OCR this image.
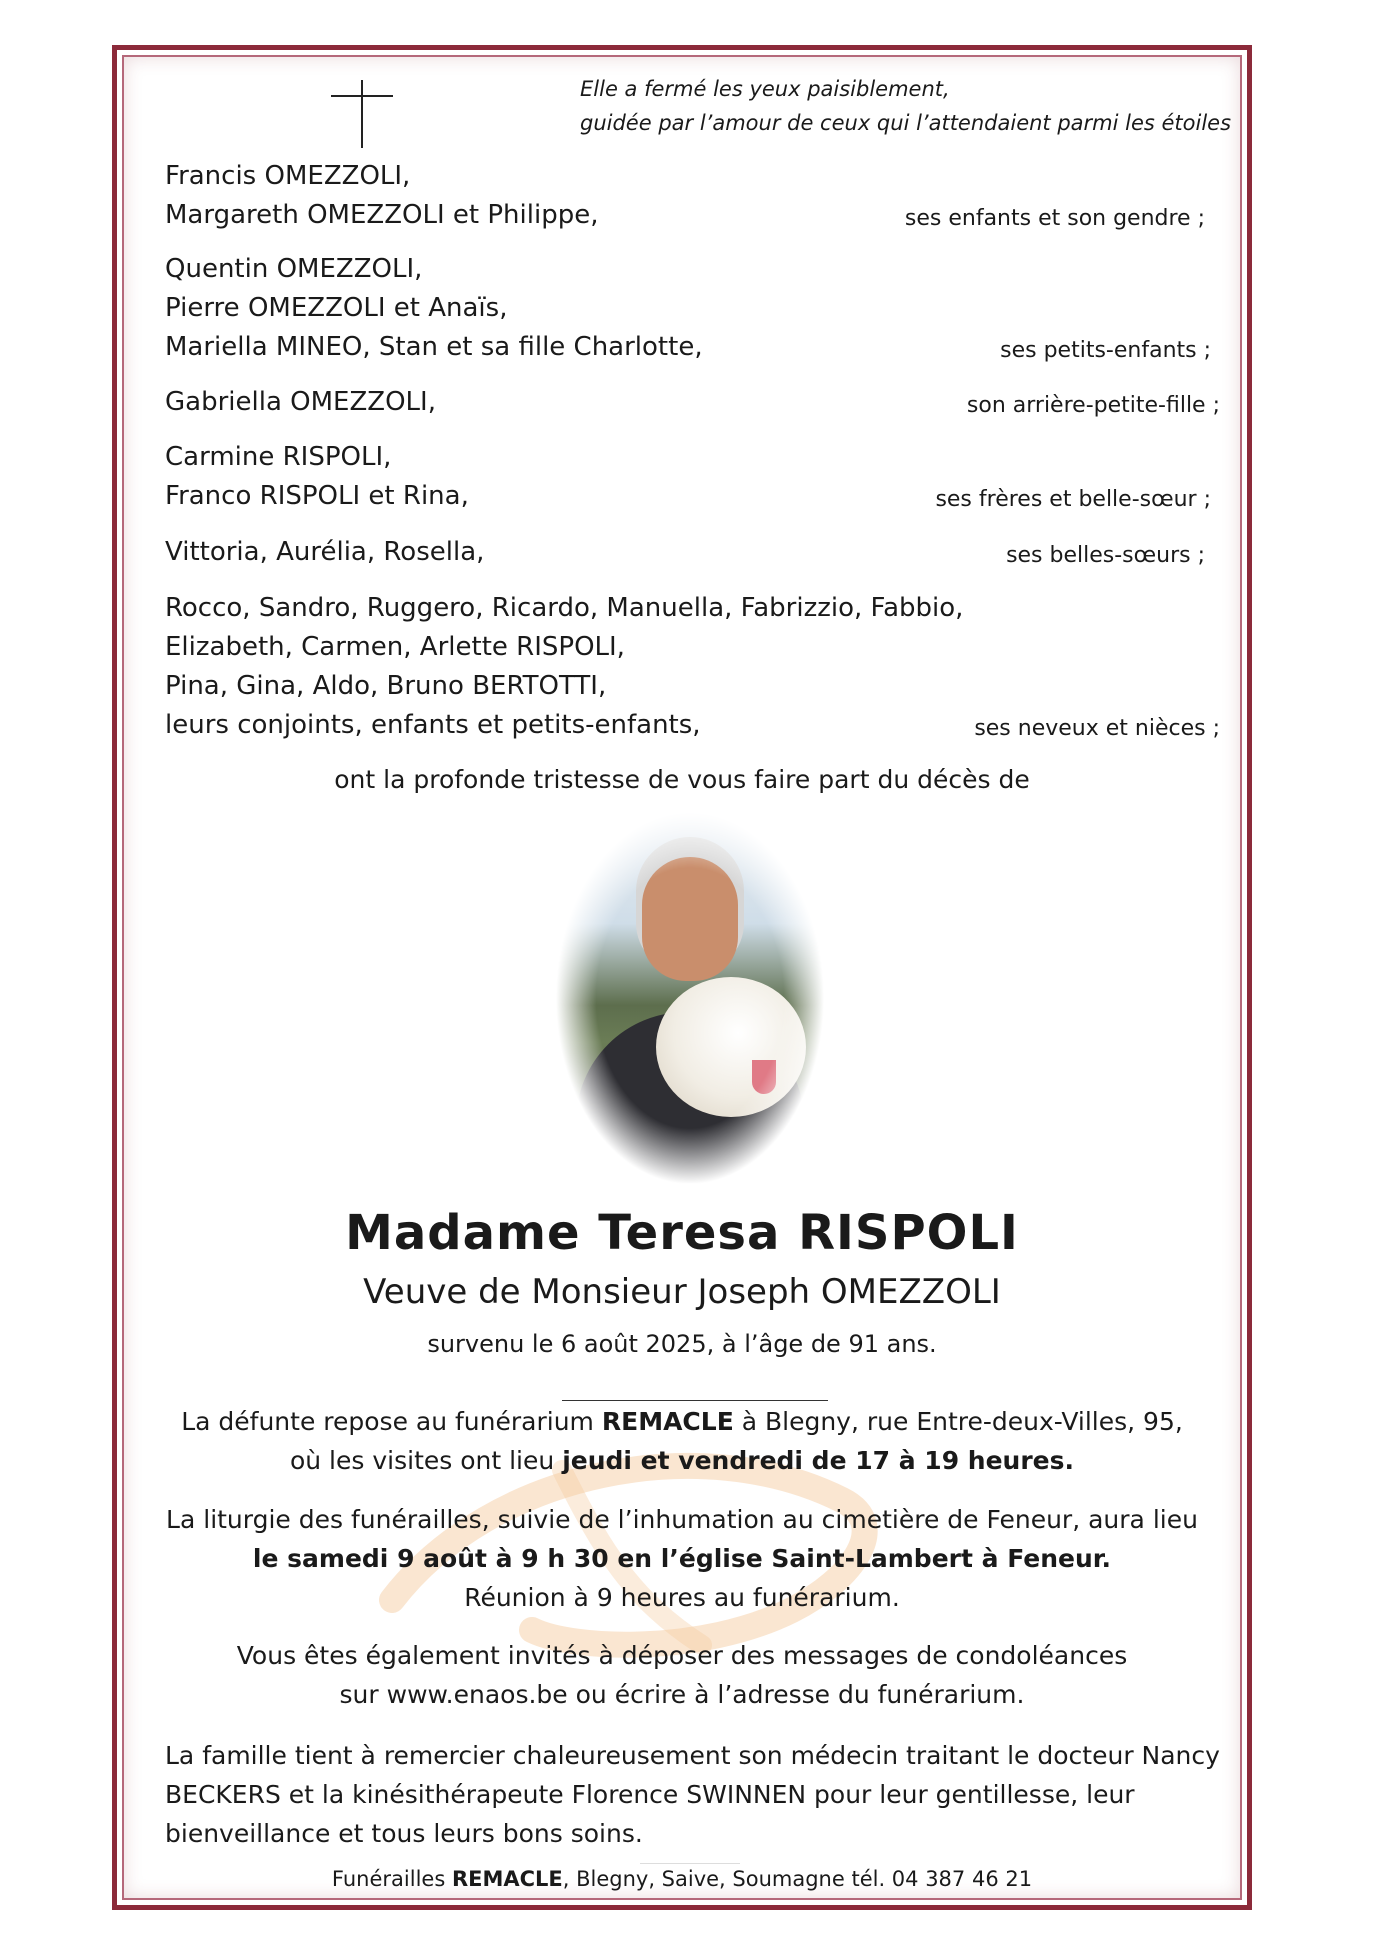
Elle a fermé les yeux paisiblement,
guidée par l’amour de ceux qui l’attendaient parmi les étoiles
Francis OMEZZOLI,
Margareth OMEZZOLI et Philippe,	ses enfants et son gendre ;
Quentin OMEZZOLI,
Pierre OMEZZOLI et Anaïs,
Mariella MINEO, Stan et sa fille Charlotte,	ses petits-enfants ;
Gabriella OMEZZOLI,	son arrière-petite-fille ;
Carmine RISPOLI,
Franco RISPOLI et Rina,	ses frères et belle-sœur ;
Vittoria, Aurélia, Rosella,	ses belles-sœurs ;
Rocco, Sandro, Ruggero, Ricardo, Manuella, Fabrizzio, Fabbio,
Elizabeth, Carmen, Arlette RISPOLI,
Pina, Gina, Aldo, Bruno BERTOTTI,
leurs conjoints, enfants et petits-enfants,	ses neveux et nièces ;
ont la profonde tristesse de vous faire part du décès de
Madame Teresa RISPOLI
Veuve de Monsieur Joseph OMEZZOLI
survenu le 6 août 2025, à l’âge de 91 ans.
La défunte repose au funérarium REMACLE à Blegny, rue Entre-deux-Villes, 95,
où les visites ont lieu jeudi et vendredi de 17 à 19 heures.
La liturgie des funérailles, suivie de l’inhumation au cimetière de Feneur, aura lieu
le samedi 9 août à 9 h 30 en l’église Saint-Lambert à Feneur.
Réunion à 9 heures au funérarium.
Vous êtes également invités à déposer des messages de condoléances
sur www.enaos.be ou écrire à l’adresse du funérarium.
La famille tient à remercier chaleureusement son médecin traitant le docteur Nancy
BECKERS et la kinésithérapeute Florence SWINNEN pour leur gentillesse, leur
bienveillance et tous leurs bons soins.
Funérailles REMACLE, Blegny, Saive, Soumagne tél. 04 387 46 21
